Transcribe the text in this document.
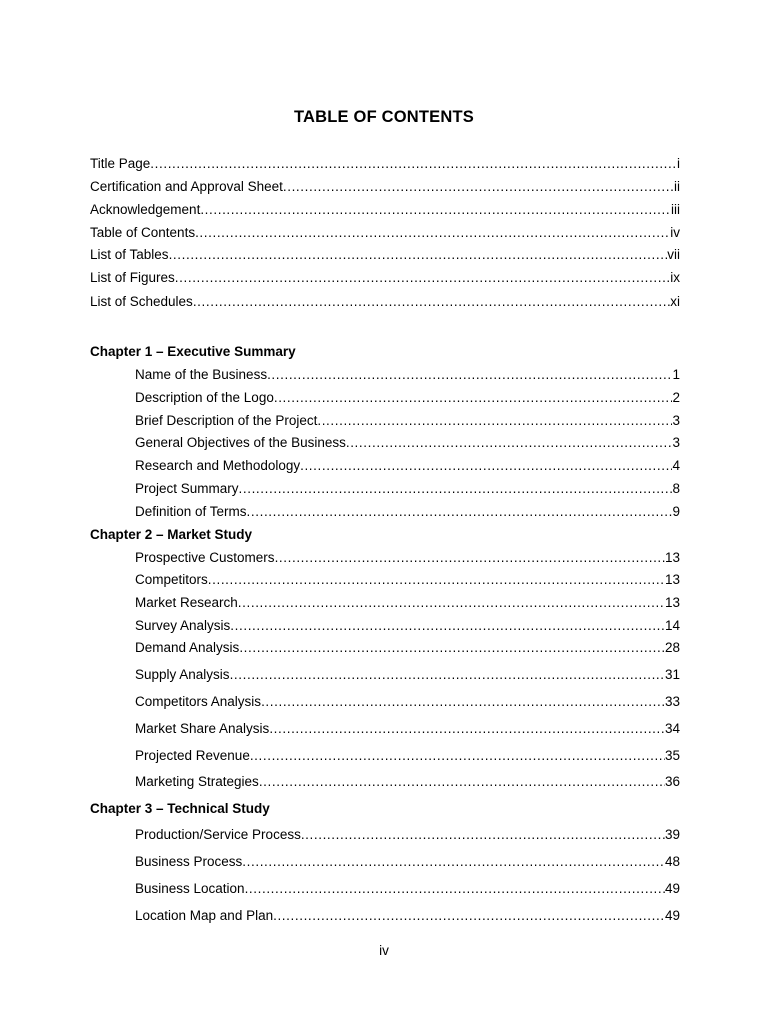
TABLE OF CONTENTS
Title Page .....	i
Certification and Approval Sheet .....	ii
Acknowledgement .....	iii
Table of Contents .....	iv
List of Tables .....	vii
List of Figures .....	ix
List of Schedules .....	xi
Chapter 1 – Executive Summary
Name of the Business .....	1
Description of the Logo .....	2
Brief Description of the Project .....	3
General Objectives of the Business .....	3
Research and Methodology .....	4
Project Summary .....	8
Definition of Terms .....	9
Chapter 2 – Market Study
Prospective Customers .....	13
Competitors .....	13
Market Research .....	13
Survey Analysis .....	14
Demand Analysis .....	28
Supply Analysis .....	31
Competitors Analysis .....	33
Market Share Analysis .....	34
Projected Revenue .....	35
Marketing Strategies .....	36
Chapter 3 – Technical Study
Production/Service Process .....	39
Business Process .....	48
Business Location .....	49
Location Map and Plan .....	49
iv
